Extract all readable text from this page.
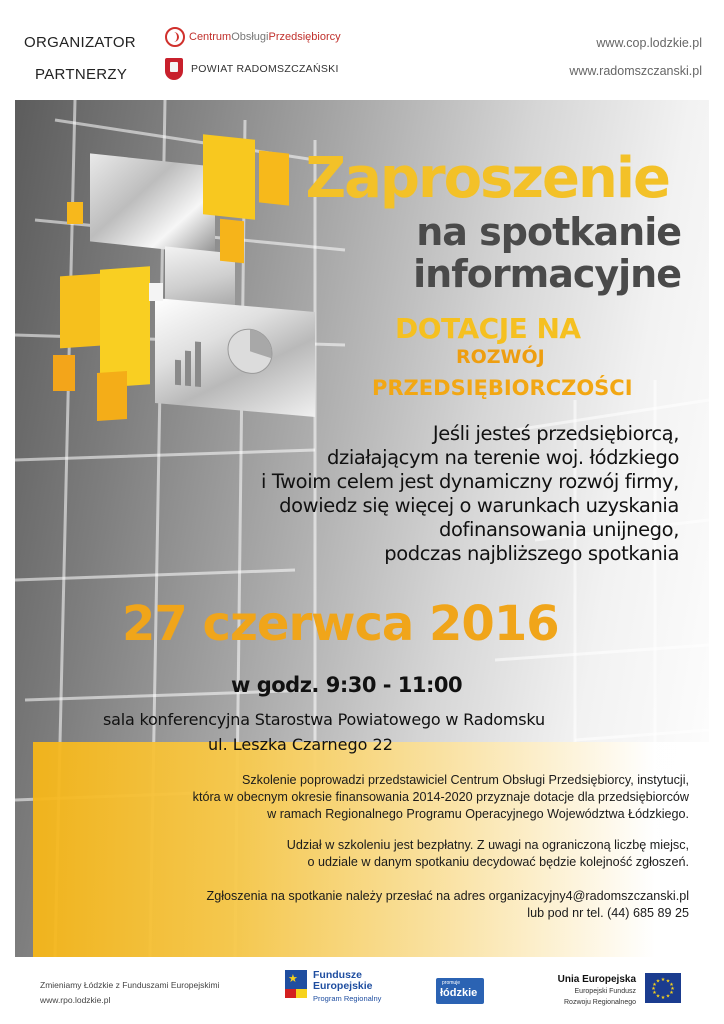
ORGANIZATOR
PARTNERZY
CentrumObsługiPrzedsiębiorcy
POWIAT RADOMSZCZAŃSKI
www.cop.lodzkie.pl
www.radomszczanski.pl
Zaproszenie
na spotkanie
informacyjne
DOTACJE NA
ROZWÓJ
PRZEDSIĘBIORCZOŚCI
Jeśli jesteś przedsiębiorcą,
działającym na terenie woj. łódzkiego
i Twoim celem jest dynamiczny rozwój firmy,
dowiedz się więcej o warunkach uzyskania
dofinansowania unijnego,
podczas najbliższego spotkania
27 czerwca 2016
w godz. 9:30 - 11:00
sala konferencyjna Starostwa Powiatowego w Radomsku
ul. Leszka Czarnego 22
Szkolenie poprowadzi przedstawiciel Centrum Obsługi Przedsiębiorcy, instytucji,
która w obecnym okresie finansowania 2014-2020 przyznaje dotacje dla przedsiębiorców
w ramach Regionalnego Programu Operacyjnego Województwa Łódzkiego.
Udział w szkoleniu jest bezpłatny. Z uwagi na ograniczoną liczbę miejsc,
o udziale w danym spotkaniu decydować będzie kolejność zgłoszeń.
Zgłoszenia na spotkanie należy przesłać na adres organizacyjny4@radomszczanski.pl
lub pod nr tel. (44) 685 89 25
Zmieniamy Łódzkie z Funduszami Europejskimi
www.rpo.lodzkie.pl
★
Fundusze
Europejskie
Program Regionalny
promuje
łódzkie
Unia Europejska
Europejski Fundusz
Rozwoju Regionalnego
★ ★
★
★
★
★
★
★
★
★
★
★
